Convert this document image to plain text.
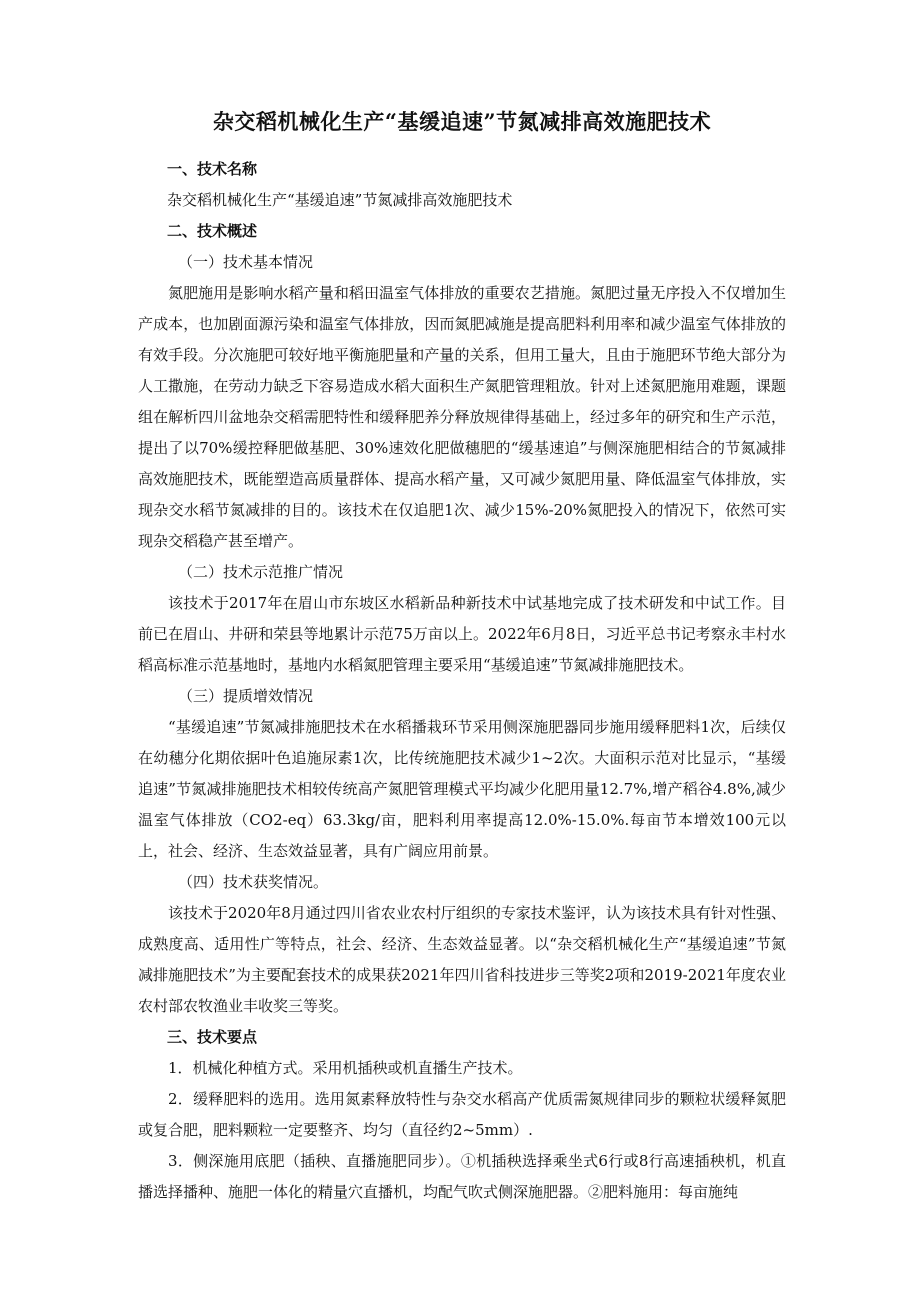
杂交稻机械化生产“基缓追速”节氮减排高效施肥技术
一、技术名称
杂交稻机械化生产“基缓追速”节氮减排高效施肥技术
二、技术概述
（一）技术基本情况

氮肥施用是影响水稻产量和稻田温室气体排放的重要农艺措施。氮肥过量无序投入不仅增加生产成本，也加剧面源污染和温室气体排放，因而氮肥减施是提高肥料利用率和减少温室气体排放的有效手段。分次施肥可较好地平衡施肥量和产量的关系，但用工量大，且由于施肥环节绝大部分为人工撒施，在劳动力缺乏下容易造成水稻大面积生产氮肥管理粗放。针对上述氮肥施用难题，课题组在解析四川盆地杂交稻需肥特性和缓释肥养分释放规律得基础上，经过多年的研究和生产示范，提出了以70%缓控释肥做基肥、30%速效化肥做穗肥的“缓基速追”与侧深施肥相结合的节氮减排高效施肥技术，既能塑造高质量群体、提高水稻产量，又可减少氮肥用量、降低温室气体排放，实现杂交水稻节氮减排的目的。该技术在仅追肥1次、减少15%-20%氮肥投入的情况下，依然可实现杂交稻稳产甚至增产。

（二）技术示范推广情况

该技术于2017年在眉山市东坡区水稻新品种新技术中试基地完成了技术研发和中试工作。目前已在眉山、井研和荣县等地累计示范75万亩以上。2022年6月8日，习近平总书记考察永丰村水稻高标准示范基地时，基地内水稻氮肥管理主要采用“基缓追速”节氮减排施肥技术。

（三）提质增效情况

“基缓追速”节氮减排施肥技术在水稻播栽环节采用侧深施肥器同步施用缓释肥料1次，后续仅在幼穗分化期依据叶色追施尿素1次，比传统施肥技术减少1~2次。大面积示范对比显示，“基缓追速”节氮减排施肥技术相较传统高产氮肥管理模式平均减少化肥用量12.7%,增产稻谷4.8%,减少温室气体排放（CO2-eq）63.3kg/亩，肥料利用率提高12.0%-15.0%.每亩节本增效100元以上，社会、经济、生态效益显著，具有广阔应用前景。

（四）技术获奖情况。

该技术于2020年8月通过四川省农业农村厅组织的专家技术鉴评，认为该技术具有针对性强、成熟度高、适用性广等特点，社会、经济、生态效益显著。以“杂交稻机械化生产“基缓追速”节氮减排施肥技术”为主要配套技术的成果获2021年四川省科技进步三等奖2项和2019-2021年度农业农村部农牧渔业丰收奖三等奖。

三、技术要点

1．机械化种植方式。采用机插秧或机直播生产技术。

2．缓释肥料的选用。选用氮素释放特性与杂交水稻高产优质需氮规律同步的颗粒状缓释氮肥或复合肥，肥料颗粒一定要整齐、均匀（直径约2~5mm）.

3．侧深施用底肥（插秧、直播施肥同步）。①机插秧选择乘坐式6行或8行高速插秧机，机直播选择播种、施肥一体化的精量穴直播机，均配气吹式侧深施肥器。②肥料施用：每亩施纯
